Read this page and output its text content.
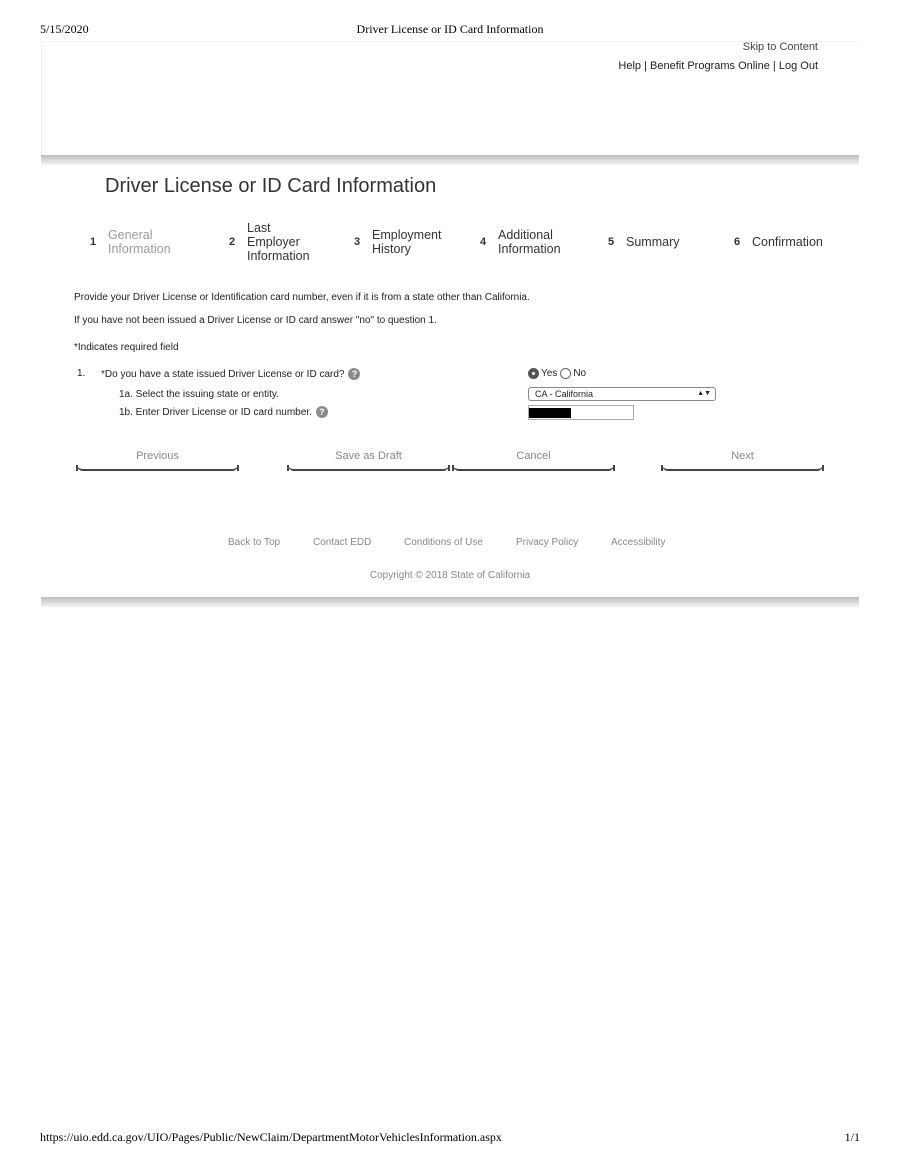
5/15/2020	Driver License or ID Card Information
Skip to Content
Help | Benefit Programs Online | Log Out
Driver License or ID Card Information
1 General Information	2
Last Employer Information
3 Employment History	4 Additional Information	5 Summary	6 Confirmation
Provide your Driver License or Identification card number, even if it is from a state other than California.
If you have not been issued a Driver License or ID card answer "no" to question 1.
*Indicates required field
1. *Do you have a state issued Driver License or ID card? ?	Yes No
1a. Select the issuing state or entity.	CA - California	▲▼
1b. Enter Driver License or ID card number. ?
Previous	Save as Draft	Cancel	Next
Back to Top	Contact EDD	Conditions of Use	Privacy Policy	Accessibility
Copyright © 2018 State of California
https://uio.edd.ca.gov/UIO/Pages/Public/NewClaim/DepartmentMotorVehiclesInformation.aspx	1/1
